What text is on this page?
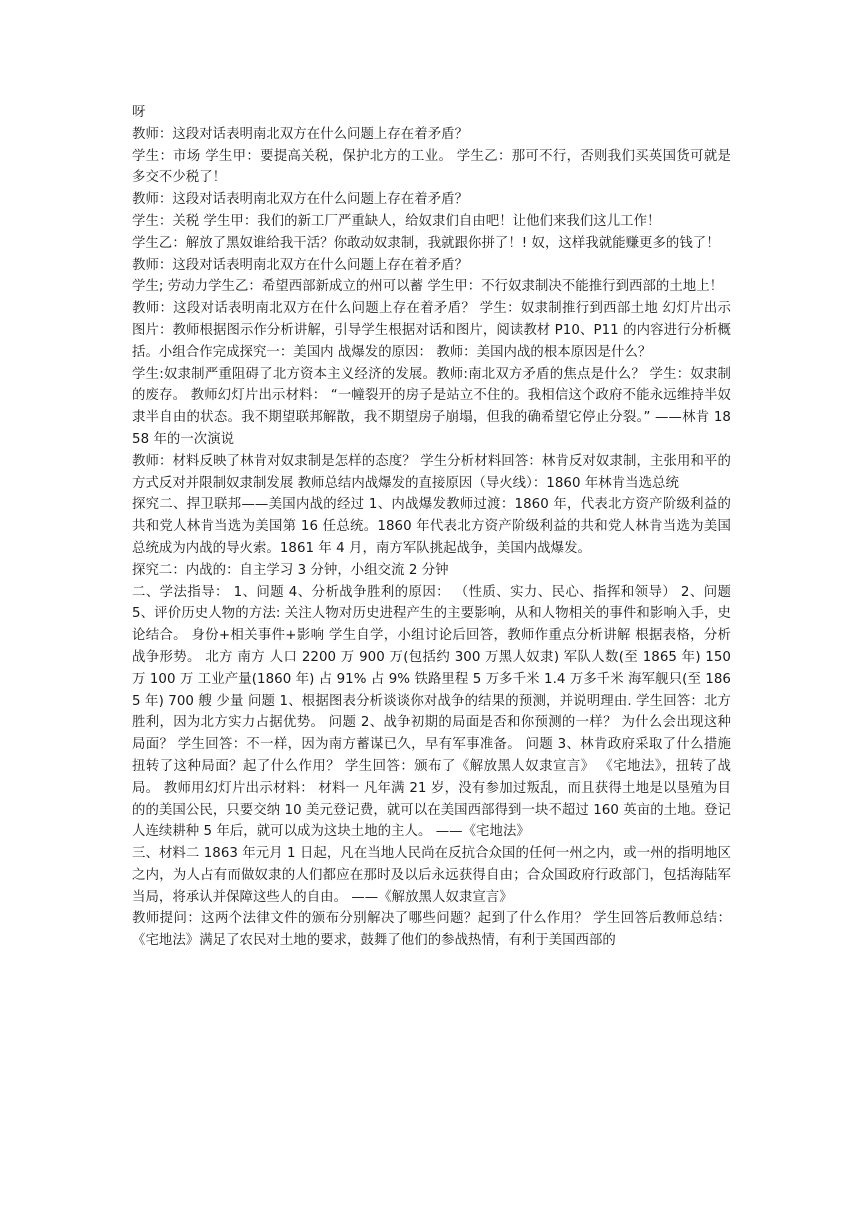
呀

教师：这段对话表明南北双方在什么问题上存在着矛盾？

学生：市场 学生甲：要提高关税，保护北方的工业。 学生乙：那可不行，否则我们买英国货可就是多交不少税了！

教师：这段对话表明南北双方在什么问题上存在着矛盾？

学生：关税 学生甲：我们的新工厂严重缺人，给奴隶们自由吧！让他们来我们这儿工作！

学生乙：解放了黑奴谁给我干活？你敢动奴隶制，我就跟你拼了！! 奴，这样我就能赚更多的钱了！

教师：这段对话表明南北双方在什么问题上存在着矛盾？

学生; 劳动力学生乙：希望西部新成立的州可以蓄 学生甲：不行奴隶制决不能推行到西部的土地上！

教师：这段对话表明南北双方在什么问题上存在着矛盾？ 学生：奴隶制推行到西部土地 幻灯片出示图片：教师根据图示作分析讲解，引导学生根据对话和图片，阅读教材 P10、P11 的内容进行分析概括。小组合作完成探究一：美国内 战爆发的原因： 教师：美国内战的根本原因是什么？

学生:奴隶制严重阻碍了北方资本主义经济的发展。教师:南北双方矛盾的焦点是什么？ 学生：奴隶制的废存。 教师幻灯片出示材料： “一幢裂开的房子是站立不住的。我相信这个政府不能永远维持半奴隶半自由的状态。我不期望联邦解散，我不期望房子崩塌，但我的确希望它停止分裂。” ——林肯 1858 年的一次演说

教师：材料反映了林肯对奴隶制是怎样的态度？ 学生分析材料回答：林肯反对奴隶制，主张用和平的方式反对并限制奴隶制发展 教师总结内战爆发的直接原因（导火线）：1860 年林肯当选总统

探究二、捍卫联邦——美国内战的经过 1、内战爆发教师过渡：1860 年，代表北方资产阶级利益的共和党人林肯当选为美国第 16 任总统。1860 年代表北方资产阶级利益的共和党人林肯当选为美国总统成为内战的导火索。1861 年 4 月，南方军队挑起战争，美国内战爆发。

探究二：内战的：自主学习 3 分钟，小组交流 2 分钟

二、学法指导： 1、问题 4、分析战争胜利的原因： （性质、实力、民心、指挥和领导） 2、问题 5、评价历史人物的方法: 关注人物对历史进程产生的主要影响，从和人物相关的事件和影响入手，史论结合。 身份+相关事件+影响 学生自学，小组讨论后回答，教师作重点分析讲解 根据表格，分析战争形势。 北方 南方 人口 2200 万 900 万(包括约 300 万黑人奴隶) 军队人数(至 1865 年) 150 万 100 万 工业产量(1860 年) 占 91% 占 9% 铁路里程 5 万多千米 1.4 万多千米 海军舰只(至 1865 年) 700 艘 少量 问题 1、根据图表分析谈谈你对战争的结果的预测，并说明理由. 学生回答：北方胜利，因为北方实力占据优势。 问题 2、战争初期的局面是否和你预测的一样？ 为什么会出现这种局面？ 学生回答：不一样，因为南方蓄谋已久，早有军事准备。 问题 3、林肯政府采取了什么措施扭转了这种局面？起了什么作用？ 学生回答：颁布了《解放黑人奴隶宣言》 《宅地法》，扭转了战局。 教师用幻灯片出示材料： 材料一 凡年满 21 岁，没有参加过叛乱，而且获得土地是以垦殖为目的的美国公民，只要交纳 10 美元登记费，就可以在美国西部得到一块不超过 160 英亩的土地。登记人连续耕种 5 年后，就可以成为这块土地的主人。 ——《宅地法》

三、材料二 1863 年元月 1 日起，凡在当地人民尚在反抗合众国的任何一州之内，或一州的指明地区之内，为人占有而做奴隶的人们都应在那时及以后永远获得自由；合众国政府行政部门，包括海陆军当局，将承认并保障这些人的自由。 ——《解放黑人奴隶宣言》

教师提问：这两个法律文件的颁布分别解决了哪些问题？起到了什么作用？ 学生回答后教师总结：《宅地法》满足了农民对土地的要求，鼓舞了他们的参战热情，有利于美国西部的
